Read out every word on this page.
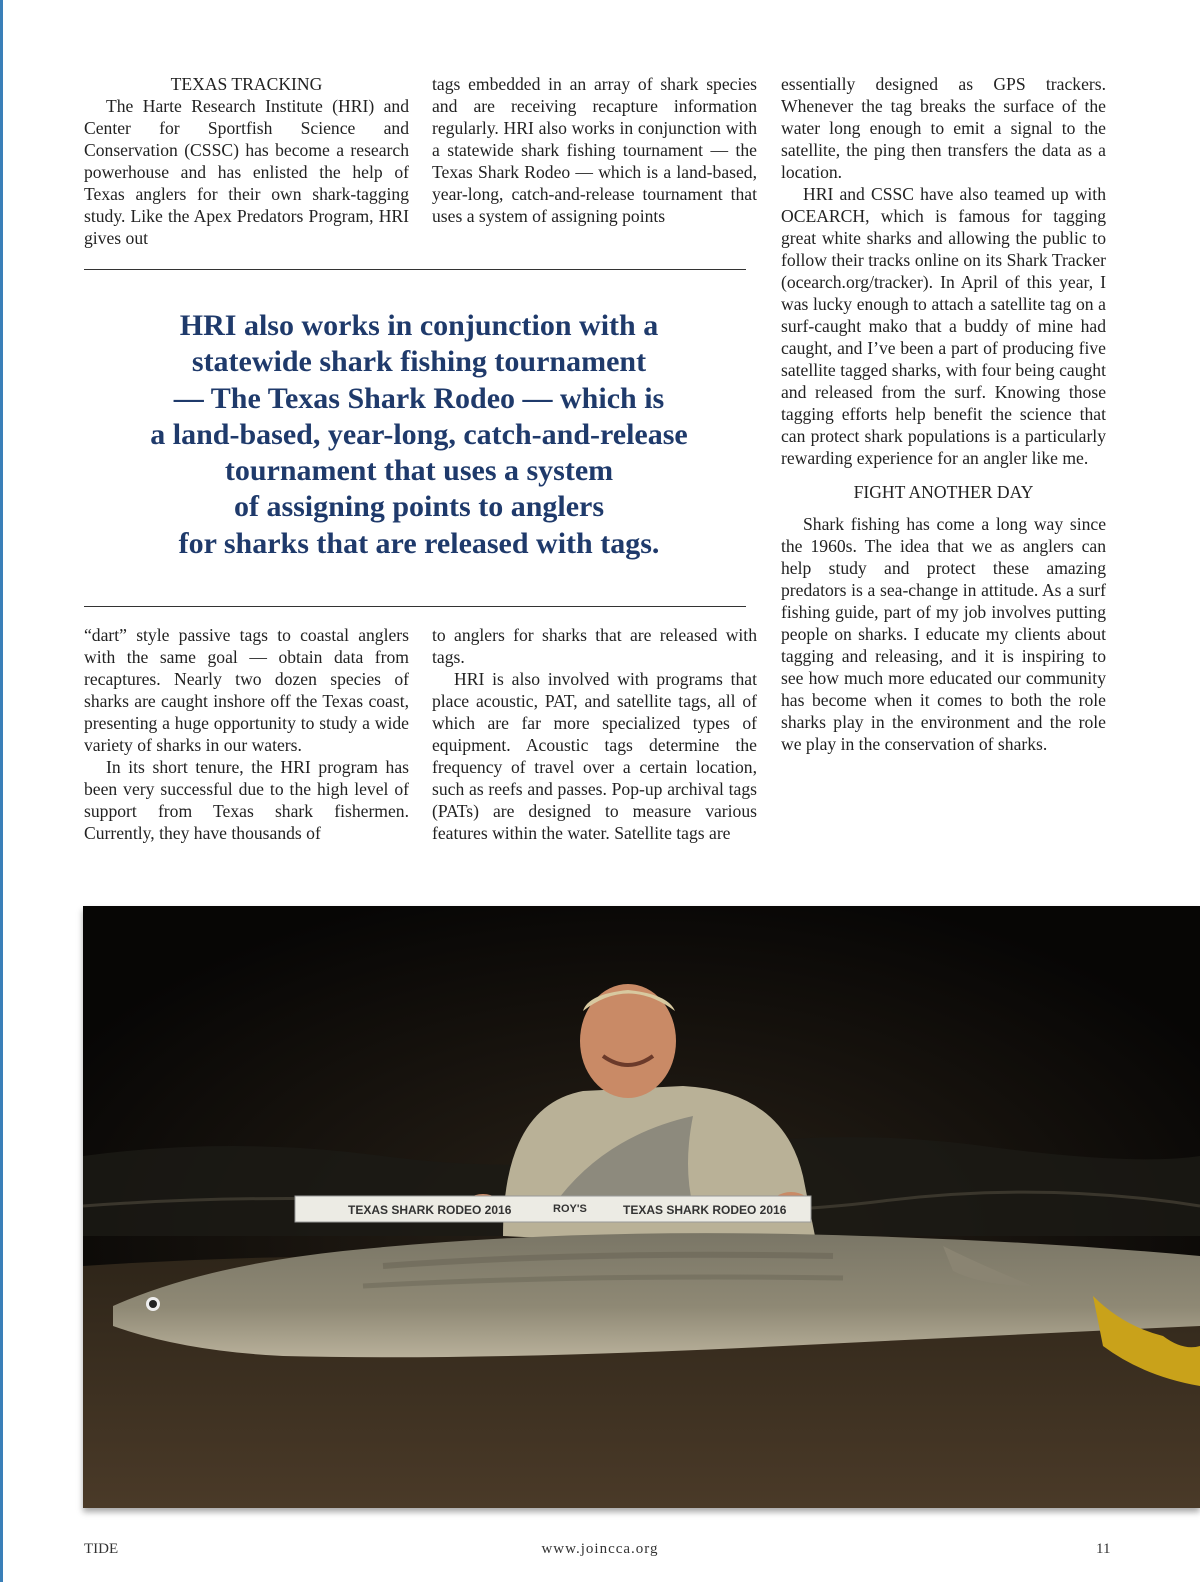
TEXAS TRACKING

The Harte Research Institute (HRI) and Center for Sportfish Science and Conservation (CSSC) has become a research powerhouse and has enlisted the help of Texas anglers for their own shark-tagging study. Like the Apex Predators Program, HRI gives out

tags embedded in an array of shark species and are receiving recapture information regularly. HRI also works in conjunction with a statewide shark fishing tournament — the Texas Shark Rodeo — which is a land-based, year-long, catch-and-release tournament that uses a system of assigning points

HRI also works in conjunction with a
statewide shark fishing tournament
— The Texas Shark Rodeo — which is
a land-based, year-long, catch-and-release
tournament that uses a system
of assigning points to anglers
for sharks that are released with tags.

“dart” style passive tags to coastal anglers with the same goal — obtain data from recaptures. Nearly two dozen species of sharks are caught inshore off the Texas coast, presenting a huge opportunity to study a wide variety of sharks in our waters.

In its short tenure, the HRI program has been very successful due to the high level of support from Texas shark fishermen. Currently, they have thousands of

to anglers for sharks that are released with tags.

HRI is also involved with programs that place acoustic, PAT, and satellite tags, all of which are far more specialized types of equipment. Acoustic tags determine the frequency of travel over a certain location, such as reefs and passes. Pop-up archival tags (PATs) are designed to measure various features within the water. Satellite tags are

essentially designed as GPS trackers. Whenever the tag breaks the surface of the water long enough to emit a signal to the satellite, the ping then transfers the data as a location.

HRI and CSSC have also teamed up with OCEARCH, which is famous for tagging great white sharks and allowing the public to follow their tracks online on its Shark Tracker (ocearch.org/tracker). In April of this year, I was lucky enough to attach a satellite tag on a surf-caught mako that a buddy of mine had caught, and I’ve been a part of producing five satellite tagged sharks, with four being caught and released from the surf. Knowing those tagging efforts help benefit the science that can protect shark populations is a particularly rewarding experience for an angler like me.

FIGHT ANOTHER DAY

Shark fishing has come a long way since the 1960s. The idea that we as anglers can help study and protect these amazing predators is a sea-change in attitude. As a surf fishing guide, part of my job involves putting people on sharks. I educate my clients about tagging and releasing, and it is inspiring to see how much more educated our community has become when it comes to both the role sharks play in the environment and the role we play in the conservation of sharks.

TEXAS SHARK RODEO 2016	ROY'S	TEXAS SHARK RODEO 2016
TIDE	www.joincca.org	11
